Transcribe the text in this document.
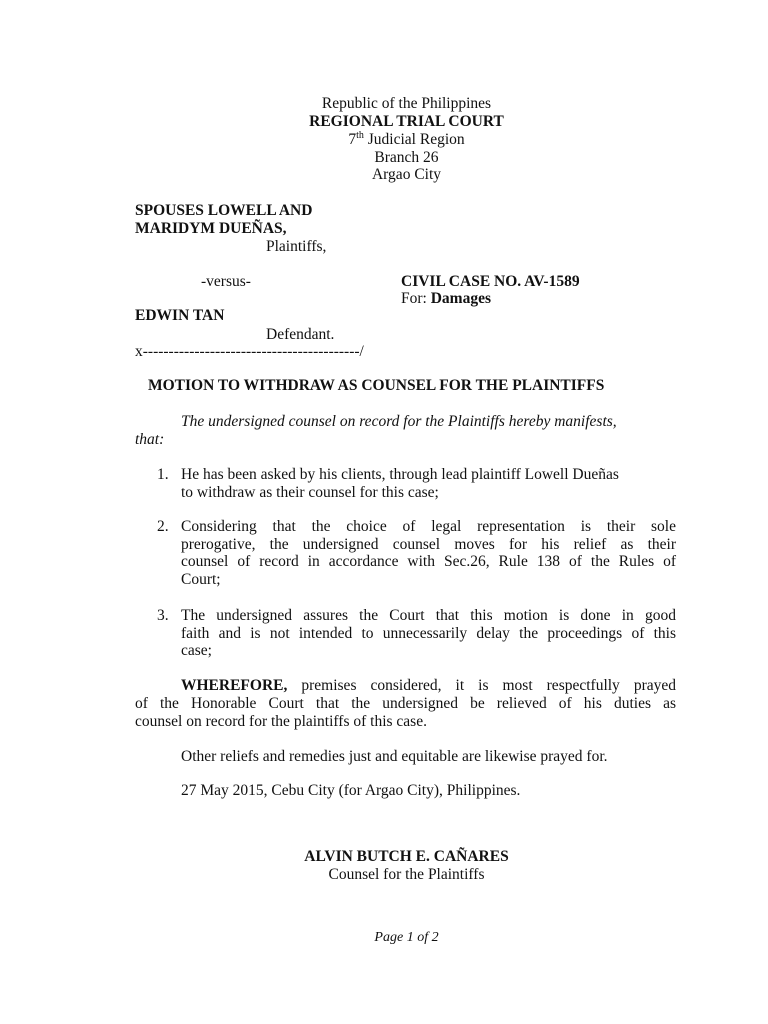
Republic of the Philippines
REGIONAL TRIAL COURT
7th Judicial Region
Branch 26
Argao City
SPOUSES LOWELL AND
MARIDYM DUEÑAS,
Plaintiffs,
-versus-	CIVIL CASE NO. AV-1589
For: Damages
EDWIN TAN
Defendant.
x------------------------------------------/
MOTION TO WITHDRAW AS COUNSEL FOR THE PLAINTIFFS
The undersigned counsel on record for the Plaintiffs hereby manifests,
that:
1. He has been asked by his clients, through lead plaintiff Lowell Dueñas
to withdraw as their counsel for this case;
2. Considering that the choice of legal representation is their sole
prerogative, the undersigned counsel moves for his relief as their
counsel of record in accordance with Sec.26, Rule 138 of the Rules of
Court;
3. The undersigned assures the Court that this motion is done in good
faith and is not intended to unnecessarily delay the proceedings of this
case;
WHEREFORE, premises considered, it is most respectfully prayed
of the Honorable Court that the undersigned be relieved of his duties as
counsel on record for the plaintiffs of this case.
Other reliefs and remedies just and equitable are likewise prayed for.
27 May 2015, Cebu City (for Argao City), Philippines.
ALVIN BUTCH E. CAÑARES
Counsel for the Plaintiffs
Page 1 of 2
